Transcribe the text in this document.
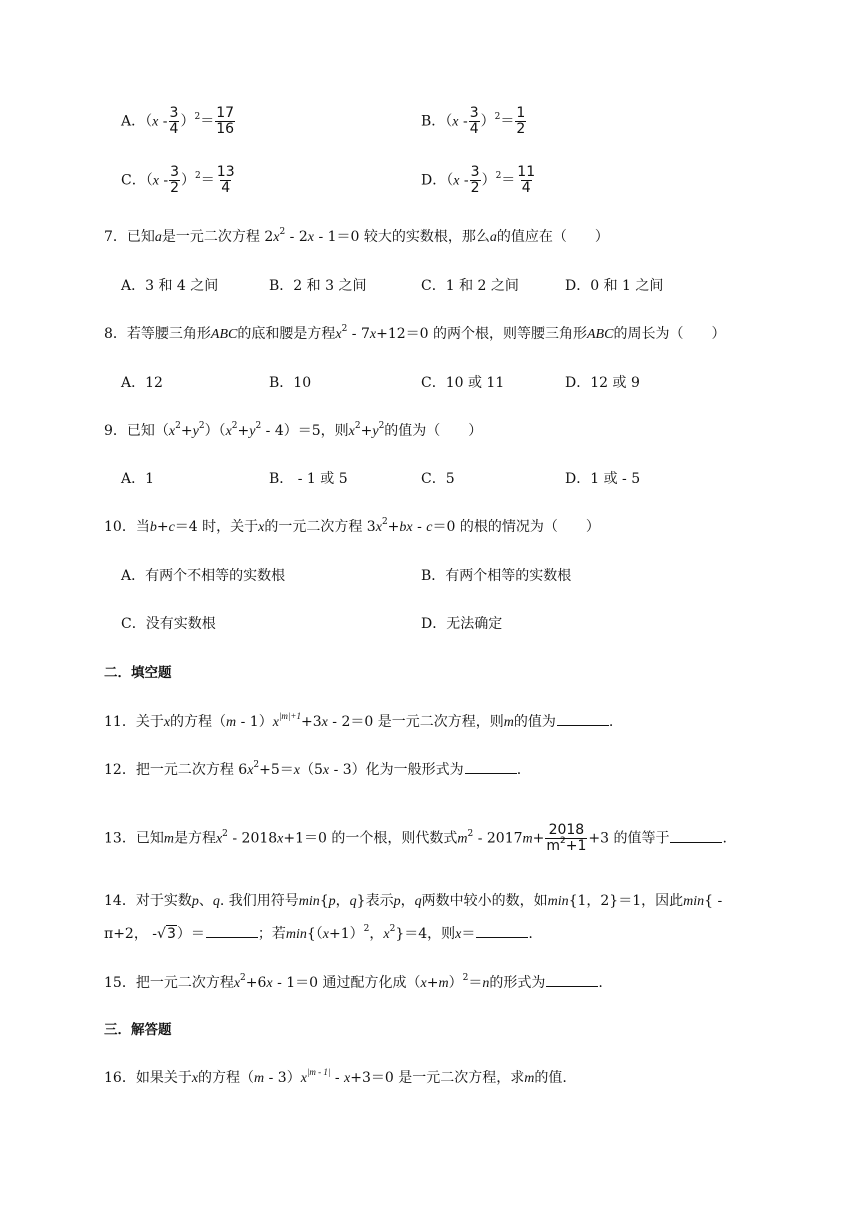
A．$(x - \frac{3}{4} )^2= \frac{17}{16}$	B．$(x - \frac{3}{4} )^2= \frac{1}{2}$
C．$(x - \frac{3}{2} )^2= \frac{13}{4}$	D．$(x - \frac{3}{2} )^2= \frac{11}{4}$
7．已知a是一元二次方程 $2x^2 - 2x - 1=0$ 较大的实数根，那么a的值应在（　　）
A．3 和 4 之间	B．2 和 3 之间	C．1 和 2 之间	D．0 和 1 之间
8．若等腰三角形ABC的底和腰是方程$x^2 - 7x+12=0$ 的两个根，则等腰三角形ABC的周长为（　　）
A．12	B．10	C．10 或 11	D．12 或 9
9．已知$(x^2+y^2)(x^2+y^2 - 4)=5$，则$x^2+y^2$的值为（　　）
A．1	B． - 1 或 5	C．5	D．1 或 - 5
10．当b+c＝4 时，关于x的一元二次方程 $3x^2+bx - c=0$ 的根的情况为（　　）
A．有两个不相等的实数根	B．有两个相等的实数根
C．没有实数根	D．无法确定
二．填空题
11．关于x的方程$(m - 1)x^{|m|+1}+3x - 2=0$ 是一元二次方程，则m的值为	.
12．把一元二次方程 $6x^2+5=x(5x - 3)$化为一般形式为	.
13．已知m是方程$x^2 - 2018x+1=0$ 的一个根，则代数式$m^2 - 2017m+ \frac{2018}{m^2+1} +3$ 的值等于	.
14．对于实数p、q. 我们用符号min{p，q}表示p，q两数中较小的数，如min{1，2}＝1，因此min{ -
π+2， -√3）＝	；若$\min\{(x+1)^2$，$x^2\}=4$，则x＝	.
15．把一元二次方程$x^2+6x - 1=0$ 通过配方化成$(x+m)^2=n$的形式为	.
三．解答题
16．如果关于x的方程$(m - 3)x^{|m - 1|} - x+3=0$ 是一元二次方程，求m的值.
